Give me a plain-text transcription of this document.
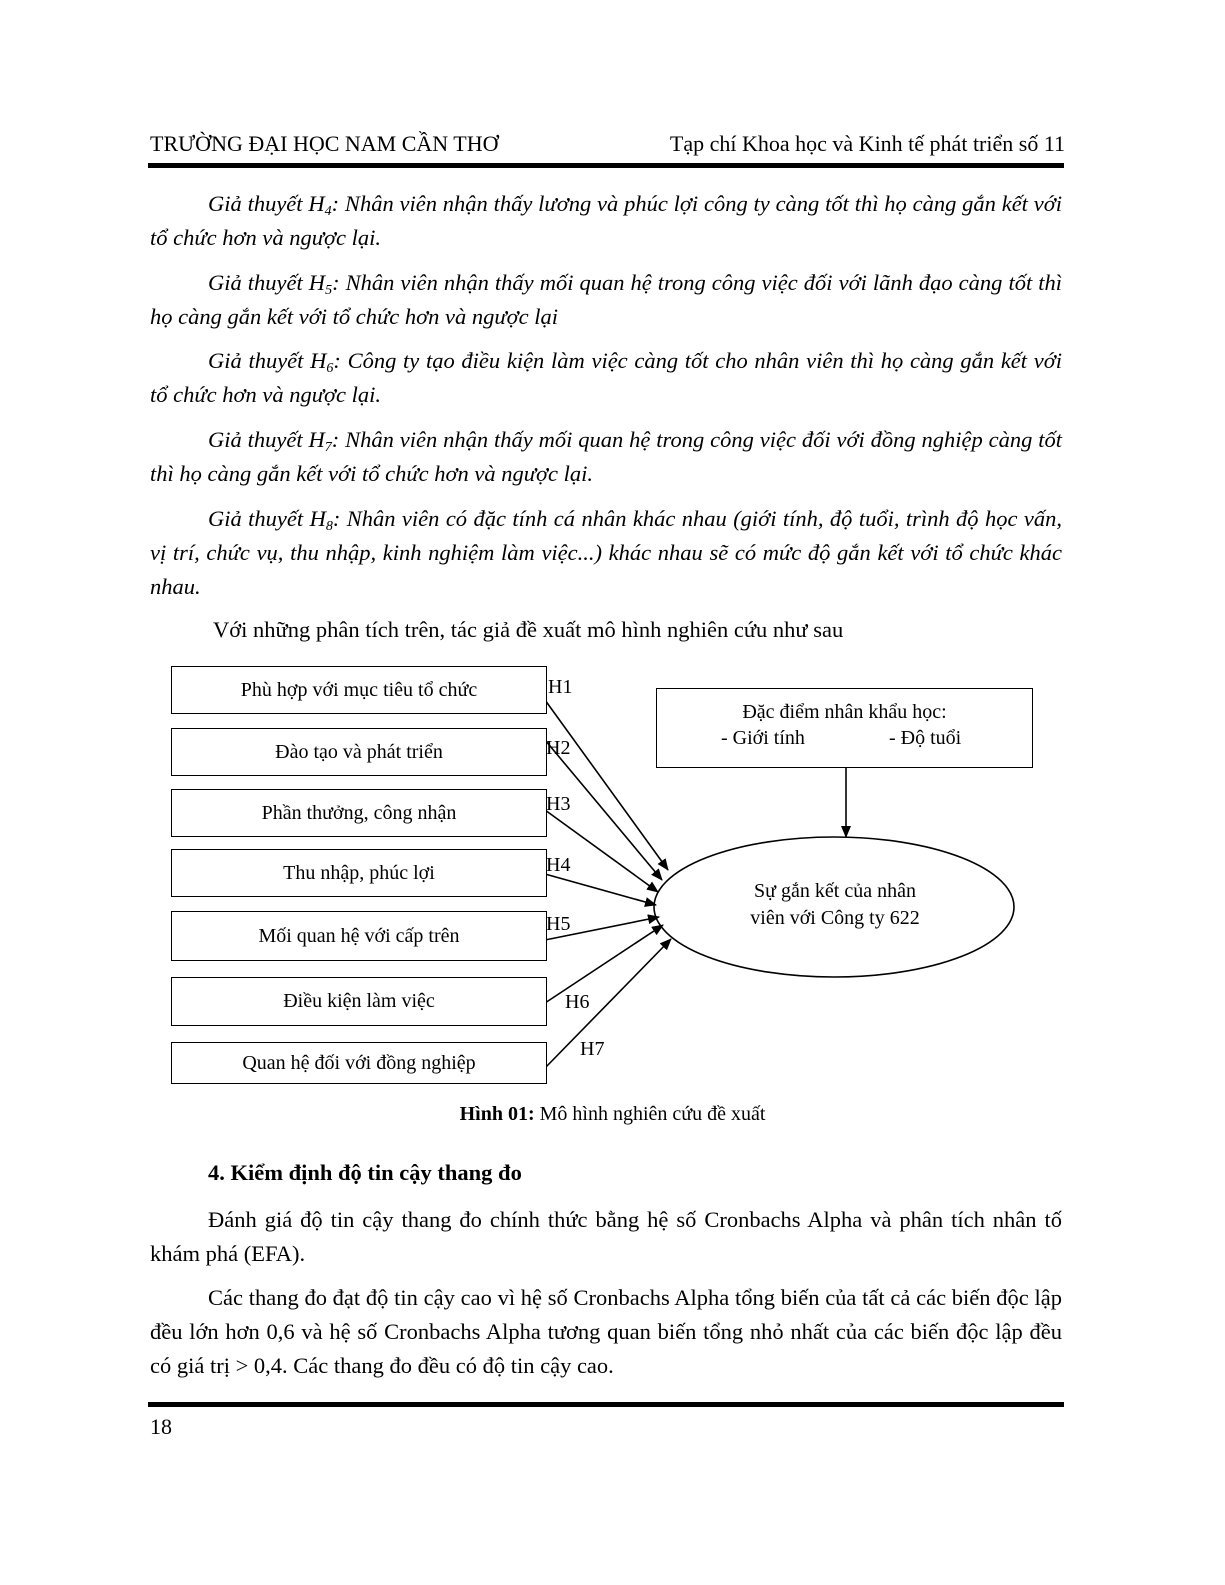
TRƯỜNG ĐẠI HỌC NAM CẦN THƠ	Tạp chí Khoa học và Kinh tế phát triển số 11
Giả thuyết $H_4$: Nhân viên nhận thấy lương và phúc lợi công ty càng tốt thì họ càng gắn kết với tổ chức hơn và ngược lại.
Giả thuyết $H_5$: Nhân viên nhận thấy mối quan hệ trong công việc đối với lãnh đạo càng tốt thì họ càng gắn kết với tổ chức hơn và ngược lại
Giả thuyết $H_6$: Công ty tạo điều kiện làm việc càng tốt cho nhân viên thì họ càng gắn kết với tổ chức hơn và ngược lại.
Giả thuyết $H_7$: Nhân viên nhận thấy mối quan hệ trong công việc đối với đồng nghiệp càng tốt thì họ càng gắn kết với tổ chức hơn và ngược lại.
Giả thuyết $H_8$: Nhân viên có đặc tính cá nhân khác nhau (giới tính, độ tuổi, trình độ học vấn, vị trí, chức vụ, thu nhập, kinh nghiệm làm việc...) khác nhau sẽ có mức độ gắn kết với tổ chức khác nhau.
Với những phân tích trên, tác giả đề xuất mô hình nghiên cứu như sau
Phù hợp với mục tiêu tổ chức
Đào tạo và phát triển
Phần thưởng, công nhận
Thu nhập, phúc lợi
Mối quan hệ với cấp trên
Điều kiện làm việc
Quan hệ đối với đồng nghiệp
H1
H2
H3
H4
H5
H6
H7
Đặc điểm nhân khẩu học:
- Giới tính	- Độ tuổi
Sự gắn kết của nhân
viên với Công ty 622
Hình 01: Mô hình nghiên cứu đề xuất
4. Kiểm định độ tin cậy thang đo
Đánh giá độ tin cậy thang đo chính thức bằng hệ số Cronbachs Alpha và phân tích nhân tố khám phá (EFA).
Các thang đo đạt độ tin cậy cao vì hệ số Cronbachs Alpha tổng biến của tất cả các biến độc lập đều lớn hơn 0,6 và hệ số Cronbachs Alpha tương quan biến tổng nhỏ nhất của các biến độc lập đều có giá trị > 0,4. Các thang đo đều có độ tin cậy cao.
18
